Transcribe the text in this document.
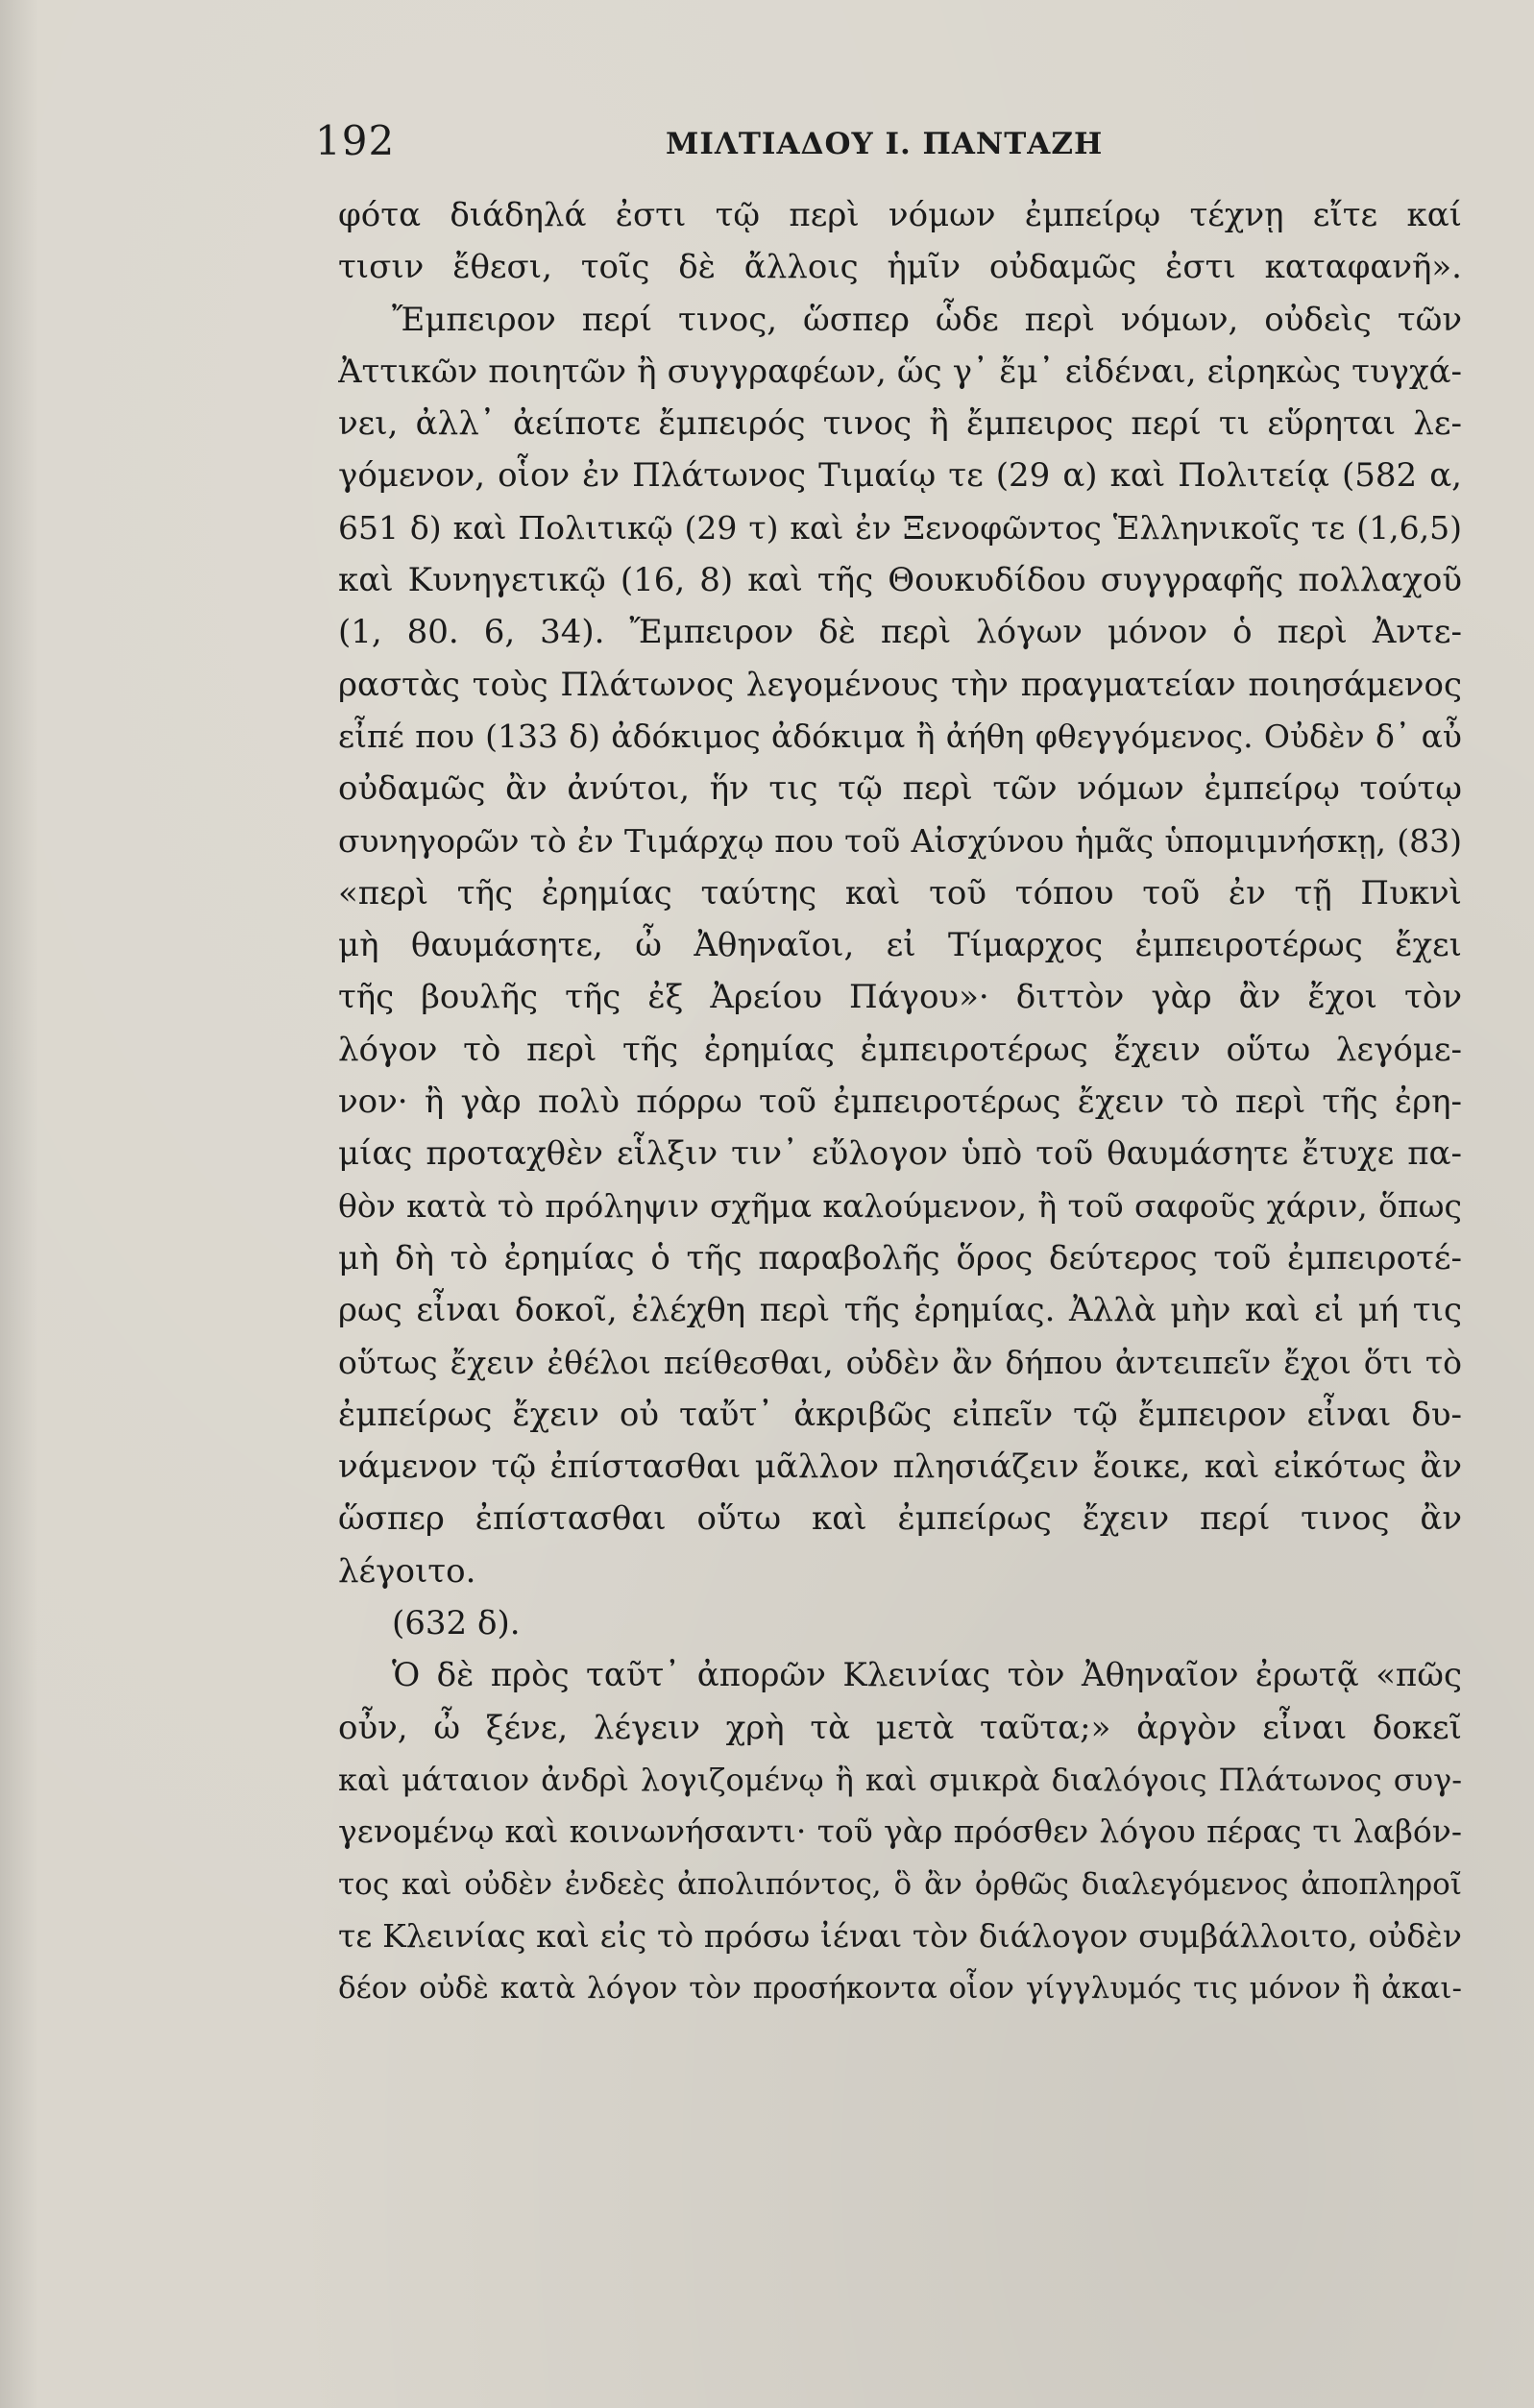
192	ΜΙΛΤΙΑΔΟΥ Ι. ΠΑΝΤΑΖΗ
φότα διάδηλά ἐστι τῷ περὶ νόμων ἐμπείρῳ τέχνῃ εἴτε καί
τισιν ἔθεσι, τοῖς δὲ ἄλλοις ἡμῖν οὐδαμῶς ἐστι καταφανῆ».
Ἔμπειρον περί τινος, ὥσπερ ὧδε περὶ νόμων, οὐδεὶς τῶν
Ἀττικῶν ποιητῶν ἢ συγγραφέων, ὥς γ᾽ ἔμ᾽ εἰδέναι, εἰρηκὼς τυγχά-
νει, ἀλλ᾽ ἀείποτε ἔμπειρός τινος ἢ ἔμπειρος περί τι εὕρηται λε-
γόμενον, οἷον ἐν Πλάτωνος Τιμαίῳ τε (29 α) καὶ Πολιτείᾳ (582 α,
651 δ) καὶ Πολιτικῷ (29 τ) καὶ ἐν Ξενοφῶντος Ἑλληνικοῖς τε (1,6,5)
καὶ Κυνηγετικῷ (16, 8) καὶ τῆς Θουκυδίδου συγγραφῆς πολλαχοῦ
(1, 80. 6, 34). Ἔμπειρον δὲ περὶ λόγων μόνον ὁ περὶ Ἀντε-
ραστὰς τοὺς Πλάτωνος λεγομένους τὴν πραγματείαν ποιησάμενος
εἶπέ που (133 δ) ἀδόκιμος ἀδόκιμα ἢ ἀήθη φθεγγόμενος. Οὐδὲν δ᾽ αὖ
οὐδαμῶς ἂν ἀνύτοι, ἥν τις τῷ περὶ τῶν νόμων ἐμπείρῳ τούτῳ
συνηγορῶν τὸ ἐν Τιμάρχῳ που τοῦ Αἰσχύνου ἡμᾶς ὑπομιμνήσκῃ, (83)
«περὶ τῆς ἐρημίας ταύτης καὶ τοῦ τόπου τοῦ ἐν τῇ Πυκνὶ
μὴ θαυμάσητε, ὦ Ἀθηναῖοι, εἰ Τίμαρχος ἐμπειροτέρως ἔχει
τῆς βουλῆς τῆς ἐξ Ἀρείου Πάγου»· διττὸν γὰρ ἂν ἔχοι τὸν
λόγον τὸ περὶ τῆς ἐρημίας ἐμπειροτέρως ἔχειν οὕτω λεγόμε-
νον· ἢ γὰρ πολὺ πόρρω τοῦ ἐμπειροτέρως ἔχειν τὸ περὶ τῆς ἐρη-
μίας προταχθὲν εἷλξιν τιν᾽ εὔλογον ὑπὸ τοῦ θαυμάσητε ἔτυχε πα-
θὸν κατὰ τὸ πρόληψιν σχῆμα καλούμενον, ἢ τοῦ σαφοῦς χάριν, ὅπως
μὴ δὴ τὸ ἐρημίας ὁ τῆς παραβολῆς ὅρος δεύτερος τοῦ ἐμπειροτέ-
ρως εἶναι δοκοῖ, ἐλέχθη περὶ τῆς ἐρημίας. Ἀλλὰ μὴν καὶ εἰ μή τις
οὕτως ἔχειν ἐθέλοι πείθεσθαι, οὐδὲν ἂν δήπου ἀντειπεῖν ἔχοι ὅτι τὸ
ἐμπείρως ἔχειν οὐ ταὔτ᾽ ἀκριβῶς εἰπεῖν τῷ ἔμπειρον εἶναι δυ-
νάμενον τῷ ἐπίστασθαι μᾶλλον πλησιάζειν ἔοικε, καὶ εἰκότως ἂν
ὥσπερ ἐπίστασθαι οὕτω καὶ ἐμπείρως ἔχειν περί τινος ἂν
λέγοιτο.
(632 δ).
Ὁ δὲ πρὸς ταῦτ᾽ ἀπορῶν Κλεινίας τὸν Ἀθηναῖον ἐρωτᾷ «πῶς
οὖν, ὦ ξένε, λέγειν χρὴ τὰ μετὰ ταῦτα;» ἀργὸν εἶναι δοκεῖ
καὶ μάταιον ἀνδρὶ λογιζομένῳ ἢ καὶ σμικρὰ διαλόγοις Πλάτωνος συγ-
γενομένῳ καὶ κοινωνήσαντι· τοῦ γὰρ πρόσθεν λόγου πέρας τι λαβόν-
τος καὶ οὐδὲν ἐνδεὲς ἀπολιπόντος, ὃ ἂν ὀρθῶς διαλεγόμενος ἀποπληροῖ
τε Κλεινίας καὶ εἰς τὸ πρόσω ἰέναι τὸν διάλογον συμβάλλοιτο, οὐδὲν
δέον οὐδὲ κατὰ λόγον τὸν προσήκοντα οἷον γίγγλυμός τις μόνον ἢ ἀκαι-
